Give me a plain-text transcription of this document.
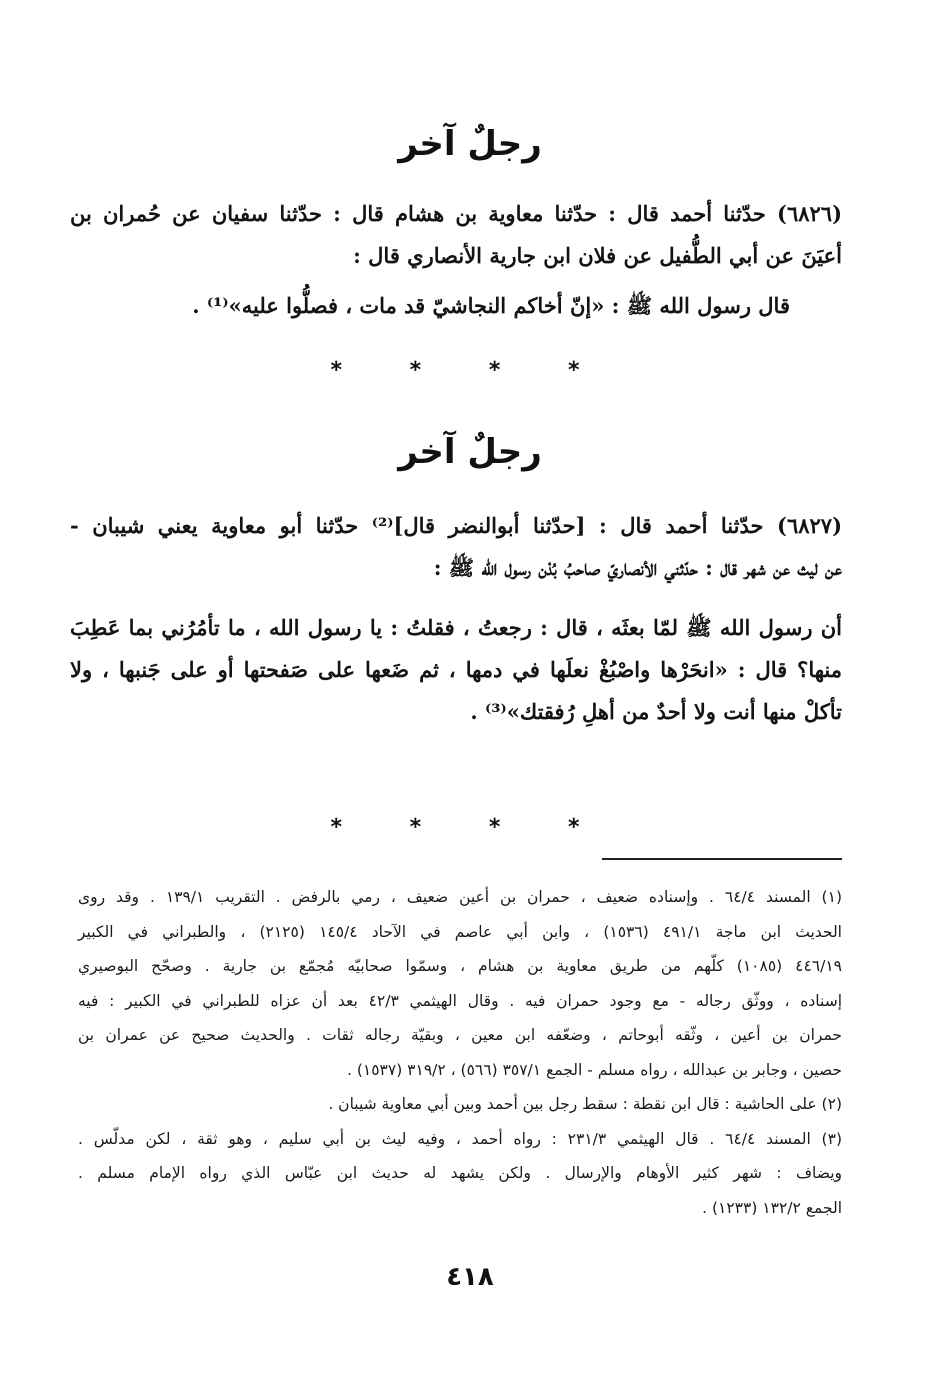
رجلٌ آخر

(٦٨٢٦) حدّثنا أحمد قال : حدّثنا معاوية بن هشام قال : حدّثنا سفيان عن حُمران بن

أعيَنَ عن أبي الطُّفيل عن فلان ابن جارية الأنصاري قال :

قال رسول الله ﷺ : «إنّ أخاكم النجاشيّ قد مات ، فصلُّوا عليه»⁽¹⁾ .

* * * *
رجلٌ آخر

(٦٨٢٧) حدّثنا أحمد قال : [حدّثنا أبوالنضر قال]⁽²⁾ حدّثنا أبو معاوية يعني شيبان -

عن ليث عن شهر قال : حدّثني الأنصاريّ صاحبُ بُدْن رسول الله ﷺ :

أن رسول الله ﷺ لمّا بعثَه ، قال : رجعتُ ، فقلتُ : يا رسول الله ، ما تأمُرُني بما عَطِبَ

منها؟ قال : «انحَرْها واصْبُغْ نعلَها في دمها ، ثم ضَعها على صَفحتها أو على جَنبها ، ولا

تأكلْ منها أنت ولا أحدٌ من أهلِ رُفقتك»⁽³⁾ .

* * * *

(١) المسند ٦٤/٤ . وإسناده ضعيف ، حمران بن أعين ضعيف ، رمي بالرفض . التقريب ١٣٩/١ . وقد روى

الحديث ابن ماجة ٤٩١/١ (١٥٣٦) ، وابن أبي عاصم في الآحاد ١٤٥/٤ (٢١٢٥) ، والطبراني في الكبير

٤٤٦/١٩ (١٠٨٥) كلّهم من طريق معاوية بن هشام ، وسمّوا صحابيّه مُجمّع بن جارية . وصحّح البوصيري

إسناده ، ووثّق رجاله - مع وجود حمران فيه . وقال الهيثمي ٤٢/٣ بعد أن عزاه للطبراني في الكبير : فيه

حمران بن أعين ، وثّقه أبوحاتم ، وضعّفه ابن معين ، وبقيّة رجاله ثقات . والحديث صحيح عن عمران بن

حصين ، وجابر بن عبدالله ، رواه مسلم - الجمع ٣٥٧/١ (٥٦٦) ، ٣١٩/٢ (١٥٣٧) .

(٢) على الحاشية : قال ابن نقطة : سقط رجل بين أحمد وبين أبي معاوية شيبان .

(٣) المسند ٦٤/٤ . قال الهيثمي ٢٣١/٣ : رواه أحمد ، وفيه ليث بن أبي سليم ، وهو ثقة ، لكن مدلّس .

ويضاف : شهر كثير الأوهام والإرسال . ولكن يشهد له حديث ابن عبّاس الذي رواه الإمام مسلم .

الجمع ١٣٢/٢ (١٢٣٣) .

٤١٨
